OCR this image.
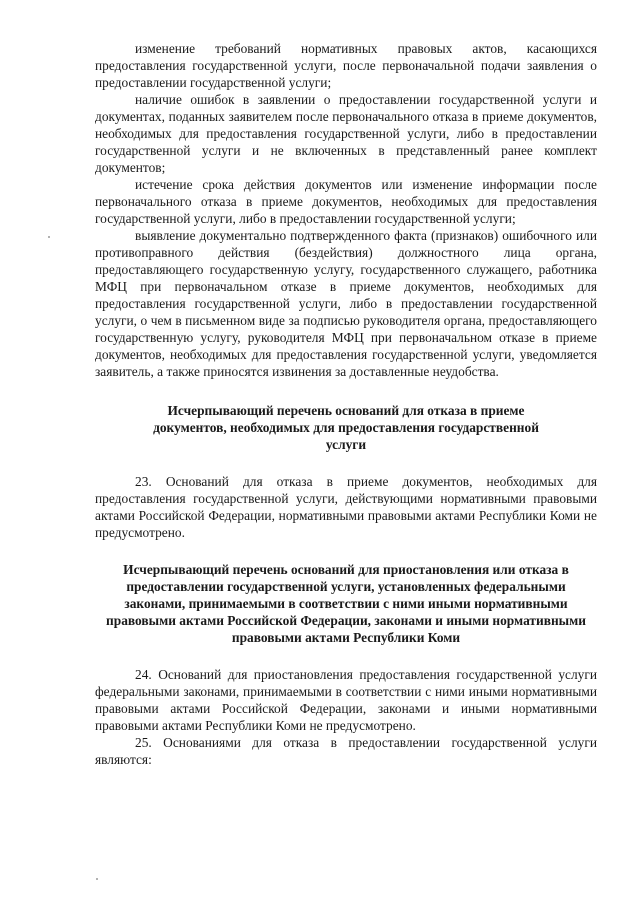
изменение требований нормативных правовых актов, касающихся предоставления государственной услуги, после первоначальной подачи заявления о предоставлении государственной услуги;

наличие ошибок в заявлении о предоставлении государственной услуги и документах, поданных заявителем после первоначального отказа в приеме документов, необходимых для предоставления государственной услуги, либо в предоставлении государственной услуги и не включенных в представленный ранее комплект документов;

истечение срока действия документов или изменение информации после первоначального отказа в приеме документов, необходимых для предоставления государственной услуги, либо в предоставлении государственной услуги;

выявление документально подтвержденного факта (признаков) ошибочного или противоправного действия (бездействия) должностного лица органа, предоставляющего государственную услугу, государственного служащего, работника МФЦ при первоначальном отказе в приеме документов, необходимых для предоставления государственной услуги, либо в предоставлении государственной услуги, о чем в письменном виде за подписью руководителя органа, предоставляющего государственную услугу, руководителя МФЦ при первоначальном отказе в приеме документов, необходимых для предоставления государственной услуги, уведомляется заявитель, а также приносятся извинения за доставленные неудобства.

Исчерпывающий перечень оснований для отказа в приеме документов, необходимых для предоставления государственной услуги

23. Оснований для отказа в приеме документов, необходимых для предоставления государственной услуги, действующими нормативными правовыми актами Российской Федерации, нормативными правовыми актами Республики Коми не предусмотрено.

Исчерпывающий перечень оснований для приостановления или отказа в предоставлении государственной услуги, установленных федеральными законами, принимаемыми в соответствии с ними иными нормативными правовыми актами Российской Федерации, законами и иными нормативными правовыми актами Республики Коми

24. Оснований для приостановления предоставления государственной услуги федеральными законами, принимаемыми в соответствии с ними иными нормативными правовыми актами Российской Федерации, законами и иными нормативными правовыми актами Республики Коми не предусмотрено.

25. Основаниями для отказа в предоставлении государственной услуги являются:
